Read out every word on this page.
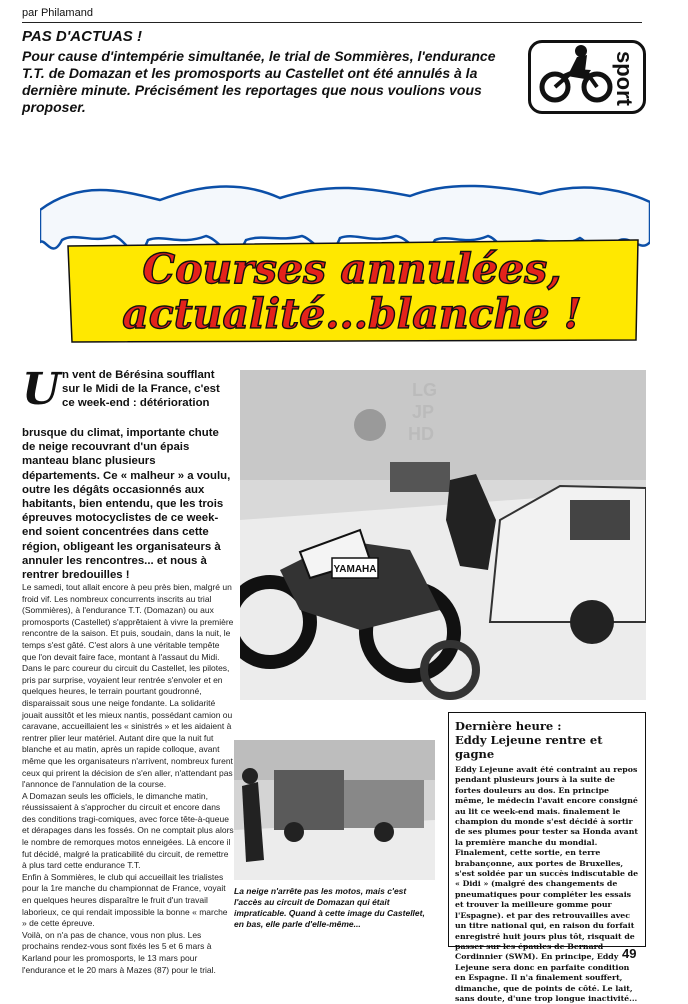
par Philamand
PAS D'ACTUAS !
Pour cause d'intempérie simultanée, le trial de Sommières, l'endurance T.T. de Domazan et les promosports au Castellet ont été annulés à la dernière minute. Précisément les reportages que nous voulions vous proposer.
sport
Courses annulées,
actualité...blanche !
U n vent de Bérésina soufflant sur le Midi de la France, c'est ce week-end : détérioration
brusque du climat, importante chute de neige recouvrant d'un épais manteau blanc plusieurs départements. Ce « malheur » a voulu, outre les dégâts occasionnés aux habitants, bien entendu, que les trois épreuves motocyclistes de ce week-end soient concentrées dans cette région, obligeant les organisateurs à annuler les rencontres... et nous à rentrer bredouilles !

Le samedi, tout allait encore à peu près bien, malgré un froid vif. Les nombreux concurrents inscrits au trial (Sommières), à l'endurance T.T. (Domazan) ou aux promosports (Castellet) s'apprêtaient à vivre la première rencontre de la saison. Et puis, soudain, dans la nuit, le temps s'est gâté. C'est alors à une véritable tempête que l'on devait faire face, montant à l'assaut du Midi.

Dans le parc coureur du circuit du Castellet, les pilotes, pris par surprise, voyaient leur rentrée s'envoler et en quelques heures, le terrain pourtant goudronné, disparaissait sous une neige fondante. La solidarité jouait aussitôt et les mieux nantis, possédant camion ou caravane, accueillaient les « sinistrés » et les aidaient à rentrer plier leur matériel. Autant dire que la nuit fut blanche et au matin, après un rapide colloque, avant même que les organisateurs n'arrivent, nombreux furent ceux qui prirent la décision de s'en aller, n'attendant pas l'annonce de l'annulation de la course.

A Domazan seuls les officiels, le dimanche matin, réussissaient à s'approcher du circuit et encore dans des conditions tragi-comiques, avec force tête-à-queue et dérapages dans les fossés. On ne comptait plus alors le nombre de remorques motos enneigées. Là encore il fut décidé, malgré la praticabilité du circuit, de remettre à plus tard cette endurance T.T.

Enfin à Sommières, le club qui accueillait les trialistes pour la 1re manche du championnat de France, voyait en quelques heures disparaître le fruit d'un travail laborieux, ce qui rendait impossible la bonne « marche » de cette épreuve.

Voilà, on n'a pas de chance, vous non plus. Les prochains rendez-vous sont fixés les 5 et 6 mars à Karland pour les promosports, le 13 mars pour l'endurance et le 20 mars à Mazes (87) pour le trial.

LG
JP
HD
YAMAHA
La neige n'arrête pas les motos, mais c'est l'accès au circuit de Domazan qui était impraticable. Quand à cette image du Castellet, en bas, elle parle d'elle-même...
Dernière heure :
Eddy Lejeune rentre et gagne
Eddy Lejeune avait été contraint au repos pendant plusieurs jours à la suite de fortes douleurs au dos. En principe même, le médecin l'avait encore consigné au lit ce week-end mais. finalement le champion du monde s'est décidé à sortir de ses plumes pour tester sa Honda avant la première manche du mondial. Finalement, cette sortie, en terre brabançonne, aux portes de Bruxelles, s'est soldée par un succès indiscutable de « Didi » (malgré des changements de pneumatiques pour compléter les essais et trouver la meilleure gomme pour l'Espagne). et par des retrouvailles avec un titre national qui, en raison du forfait enregistré huit jours plus tôt, risquait de passer sur les épaules de Bernard Cordinnier (SWM). En principe, Eddy Lejeune sera donc en parfaite condition en Espagne. Il n'a finalement souffert, dimanche, que de points de côté. Le lait, sans doute, d'une trop longue inactivité...
49
